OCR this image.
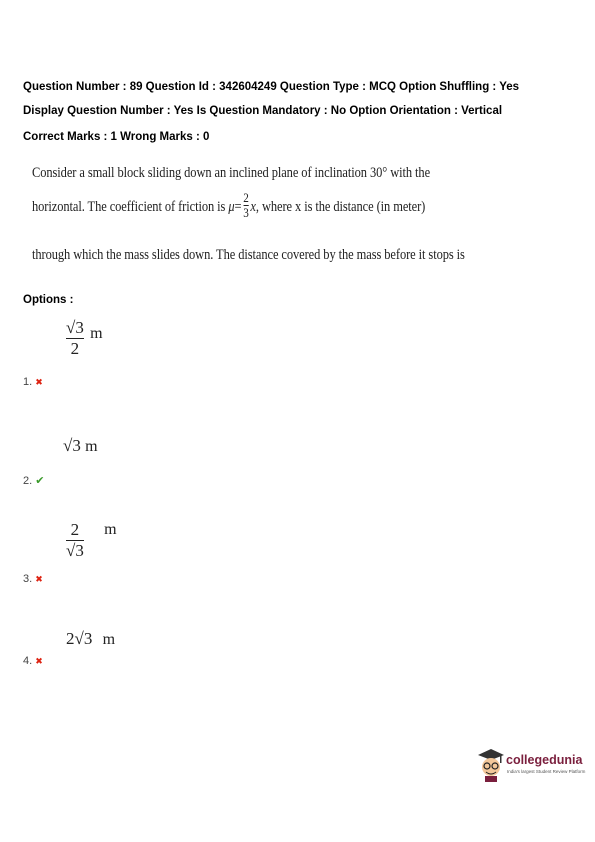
Question Number : 89 Question Id : 342604249 Question Type : MCQ Option Shuffling : Yes
Display Question Number : Yes Is Question Mandatory : No Option Orientation : Vertical
Correct Marks : 1 Wrong Marks : 0
Consider a small block sliding down an inclined plane of inclination 30° with the
horizontal. The coefficient of friction is $\mu= \frac{2}{3} x$, where x is the distance (in meter)
through which the mass slides down. The distance covered by the mass before it stops is
Options :
$\frac{√3}{2}$ m
1. ✖
√3 m
2. ✔
$\frac{2}{√3}$ m
3. ✖
2√3 m
4. ✖
collegedunia
India's largest Student Review Platform
